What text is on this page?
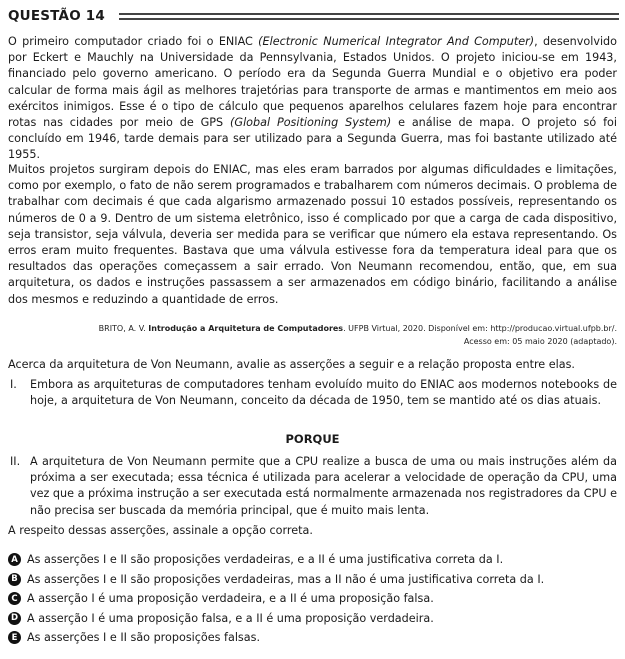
QUESTÃO 14

O primeiro computador criado foi o ENIAC (Electronic Numerical Integrator And Computer), desenvolvido por Eckert e Mauchly na Universidade da Pennsylvania, Estados Unidos. O projeto iniciou-se em 1943, financiado pelo governo americano. O período era da Segunda Guerra Mundial e o objetivo era poder calcular de forma mais ágil as melhores trajetórias para transporte de armas e mantimentos em meio aos exércitos inimigos. Esse é o tipo de cálculo que pequenos aparelhos celulares fazem hoje para encontrar rotas nas cidades por meio de GPS (Global Positioning System) e análise de mapa. O projeto só foi concluído em 1946, tarde demais para ser utilizado para a Segunda Guerra, mas foi bastante utilizado até 1955.

Muitos projetos surgiram depois do ENIAC, mas eles eram barrados por algumas dificuldades e limitações, como por exemplo, o fato de não serem programados e trabalharem com números decimais. O problema de trabalhar com decimais é que cada algarismo armazenado possui 10 estados possíveis, representando os números de 0 a 9. Dentro de um sistema eletrônico, isso é complicado por que a carga de cada dispositivo, seja transistor, seja válvula, deveria ser medida para se verificar que número ela estava representando. Os erros eram muito frequentes. Bastava que uma válvula estivesse fora da temperatura ideal para que os resultados das operações começassem a sair errado. Von Neumann recomendou, então, que, em sua arquitetura, os dados e instruções passassem a ser armazenados em código binário, facilitando a análise dos mesmos e reduzindo a quantidade de erros.

BRITO, A. V. Introdução a Arquitetura de Computadores. UFPB Virtual, 2020. Disponível em: http://producao.virtual.ufpb.br/.
Acesso em: 05 maio 2020 (adaptado).

Acerca da arquitetura de Von Neumann, avalie as asserções a seguir e a relação proposta entre elas.

I. Embora as arquiteturas de computadores tenham evoluído muito do ENIAC aos modernos notebooks de hoje, a arquitetura de Von Neumann, conceito da década de 1950, tem se mantido até os dias atuais.
PORQUE
II. A arquitetura de Von Neumann permite que a CPU realize a busca de uma ou mais instruções além da próxima a ser executada; essa técnica é utilizada para acelerar a velocidade de operação da CPU, uma vez que a próxima instrução a ser executada está normalmente armazenada nos registradores da CPU e não precisa ser buscada da memória principal, que é muito mais lenta.

A respeito dessas asserções, assinale a opção correta.

A As asserções I e II são proposições verdadeiras, e a II é uma justificativa correta da I.
B As asserções I e II são proposições verdadeiras, mas a II não é uma justificativa correta da I.
C A asserção I é uma proposição verdadeira, e a II é uma proposição falsa.
D A asserção I é uma proposição falsa, e a II é uma proposição verdadeira.
E As asserções I e II são proposições falsas.
